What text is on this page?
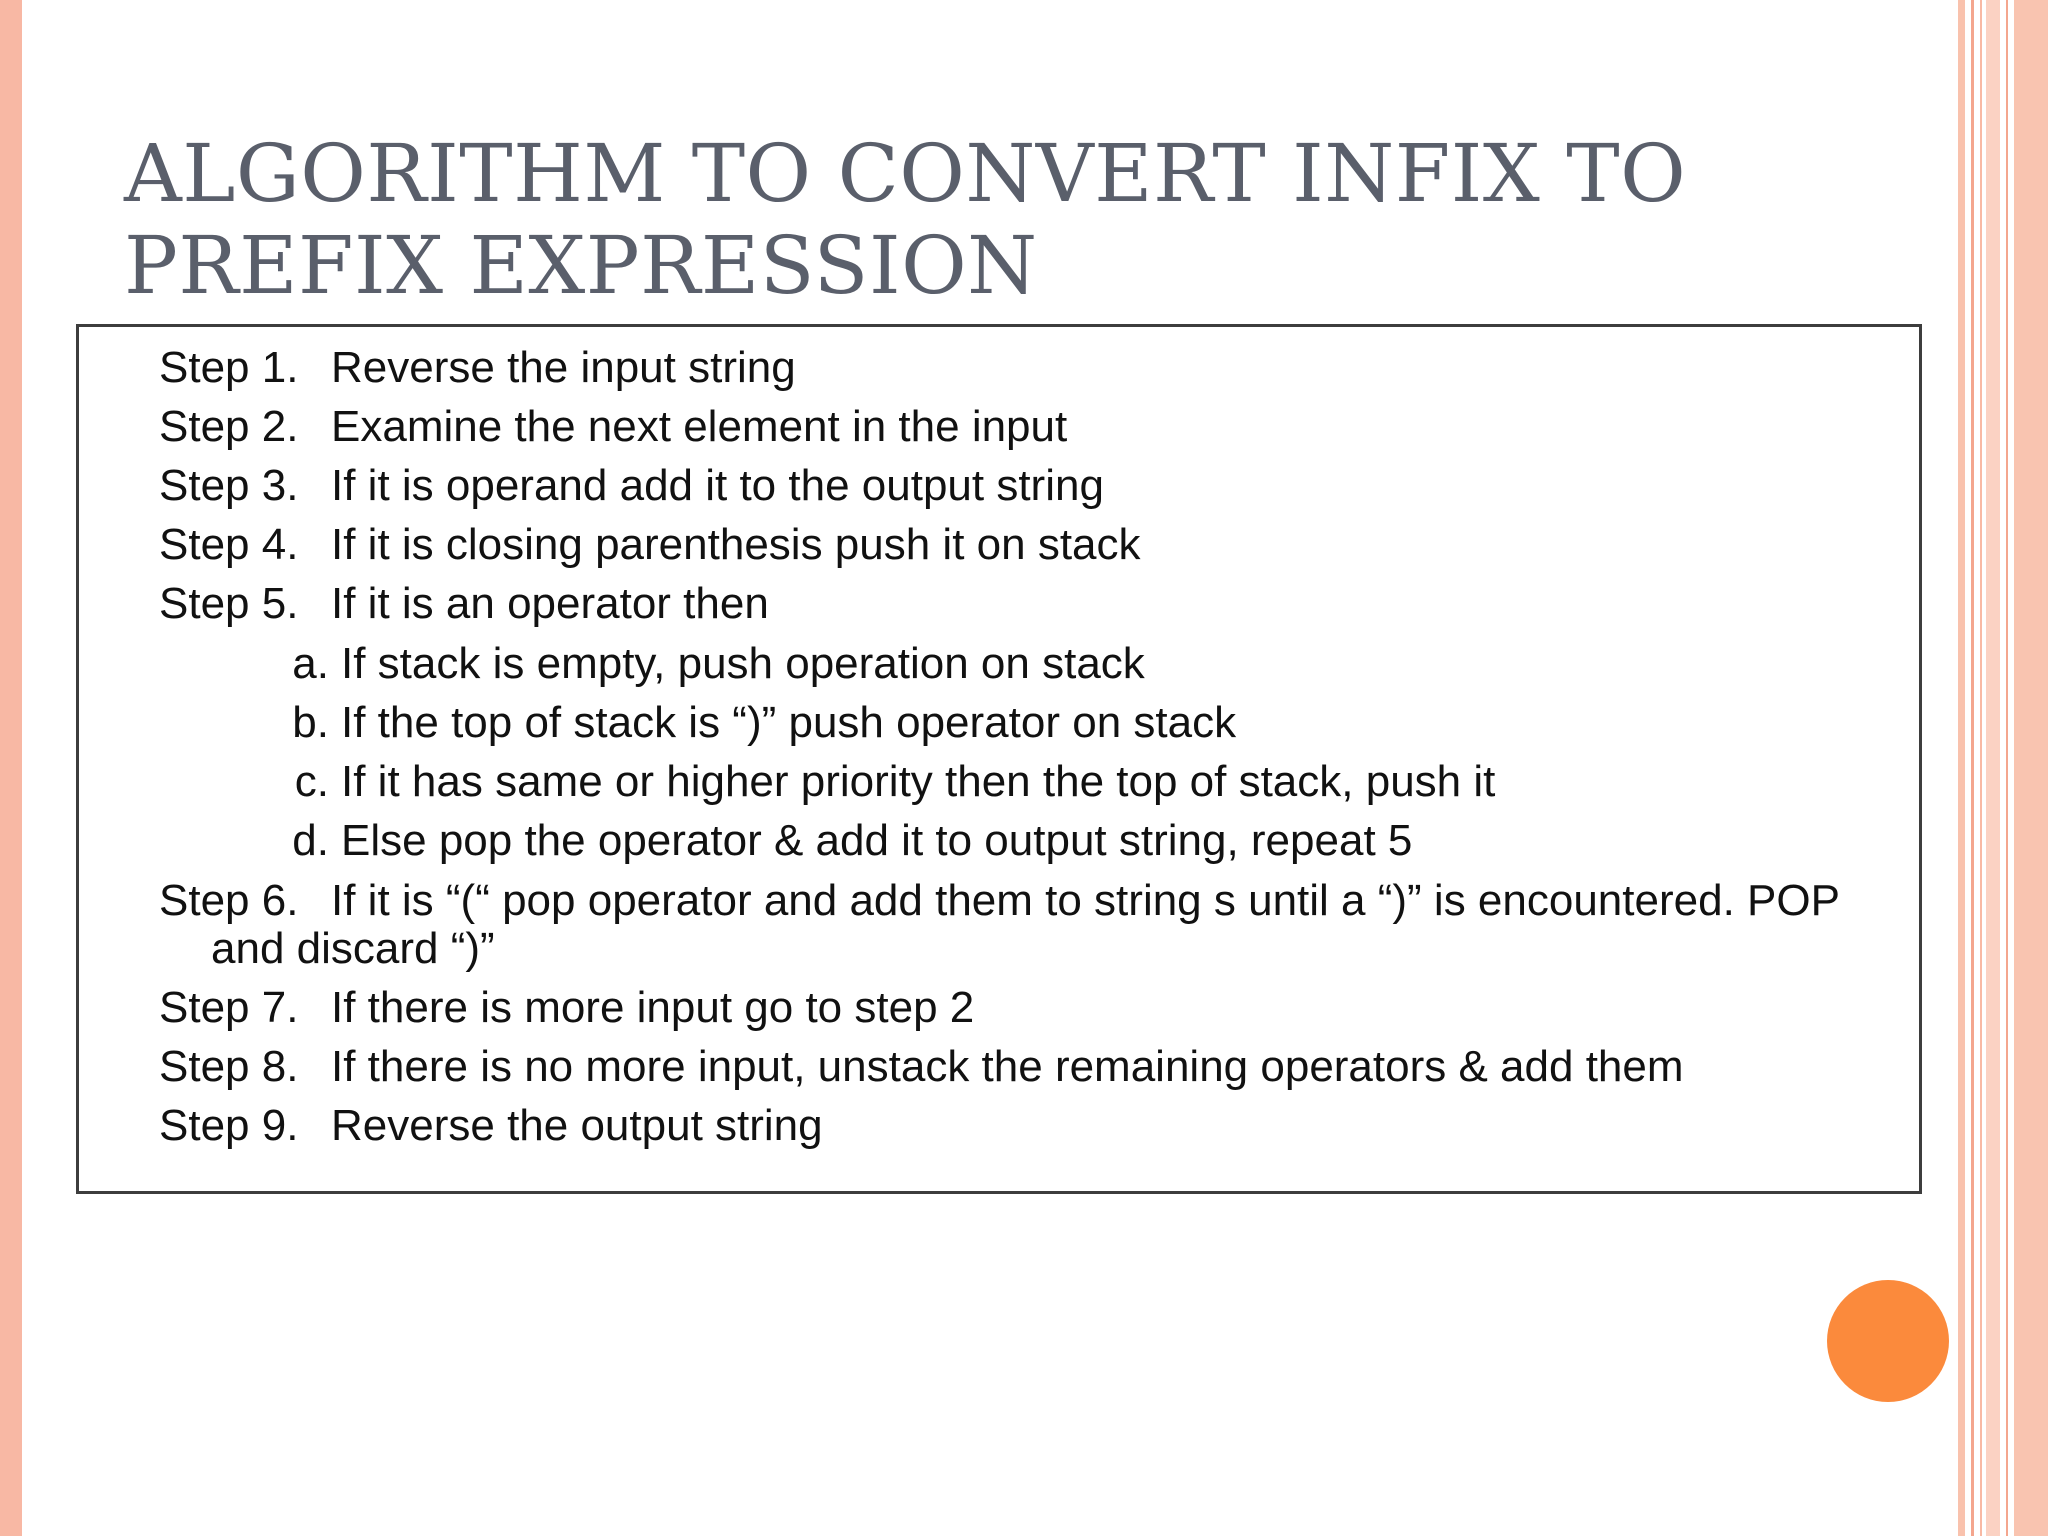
ALGORITHM TO CONVERT INFIX TO
PREFIX EXPRESSION
Step 1. Reverse the input string
Step 2. Examine the next element in the input
Step 3. If it is operand add it to the output string
Step 4. If it is closing parenthesis push it on stack
Step 5. If it is an operator then
a. If stack is empty, push operation on stack
b. If the top of stack is “)” push operator on stack
c. If it has same or higher priority then the top of stack, push it
d. Else pop the operator & add it to output string, repeat 5
Step 6. If it is “(“ pop operator and add them to string s until a “)” is encountered. POP
and discard “)”
Step 7. If there is more input go to step 2
Step 8. If there is no more input, unstack the remaining operators & add them
Step 9. Reverse the output string
